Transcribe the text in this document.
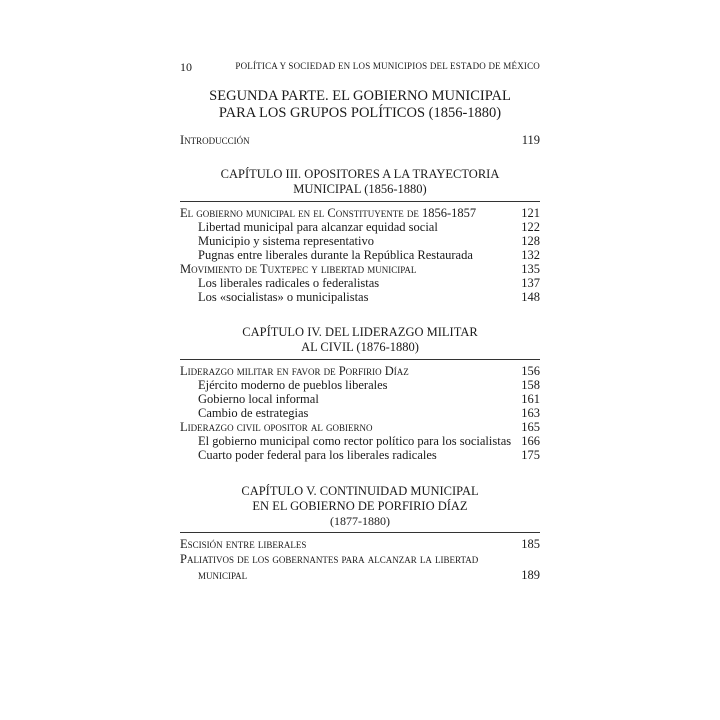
10	POLÍTICA Y SOCIEDAD EN LOS MUNICIPIOS DEL ESTADO DE MÉXICO
SEGUNDA PARTE. EL GOBIERNO MUNICIPAL
PARA LOS GRUPOS POLÍTICOS (1856-1880)
Introducción	119
CAPÍTULO III. OPOSITORES A LA TRAYECTORIA
MUNICIPAL (1856-1880)
El gobierno municipal en el Constituyente de 1856-1857	121
Libertad municipal para alcanzar equidad social	122
Municipio y sistema representativo	128
Pugnas entre liberales durante la República Restaurada	132
Movimiento de Tuxtepec y libertad municipal	135
Los liberales radicales o federalistas	137
Los «socialistas» o municipalistas	148
CAPÍTULO IV. DEL LIDERAZGO MILITAR
AL CIVIL (1876-1880)
Liderazgo militar en favor de Porfirio Díaz	156
Ejército moderno de pueblos liberales	158
Gobierno local informal	161
Cambio de estrategias	163
Liderazgo civil opositor al gobierno	165
El gobierno municipal como rector político para los socialistas 166
Cuarto poder federal para los liberales radicales	175
CAPÍTULO V. CONTINUIDAD MUNICIPAL
EN EL GOBIERNO DE PORFIRIO DÍAZ
(1877-1880)
Escisión entre liberales	185
Paliativos de los gobernantes para alcanzar la libertad
municipal	189
